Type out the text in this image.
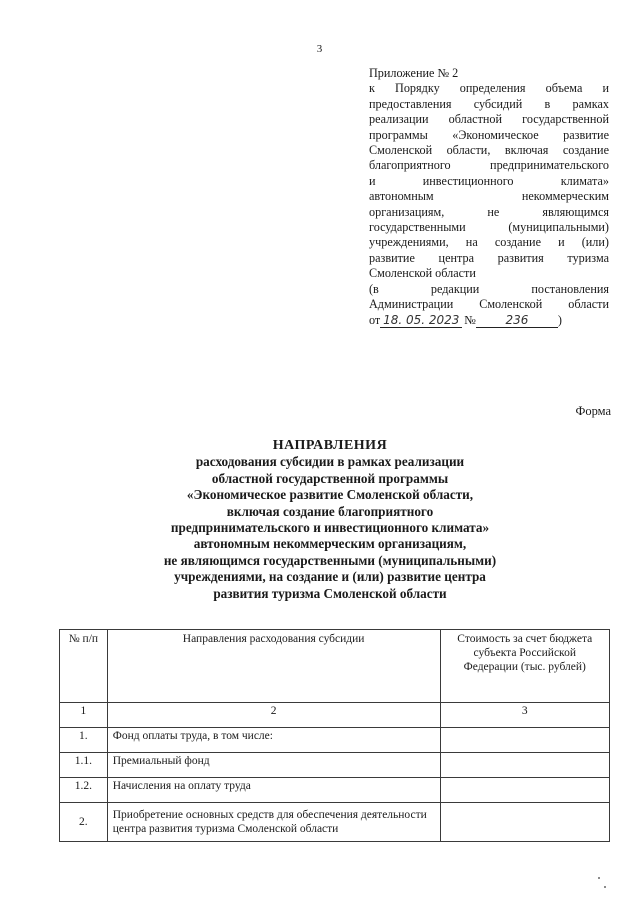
3
Приложение № 2
к Порядку определения объема и
предоставления субсидий в рамках
реализации областной государственной
программы «Экономическое развитие
Смоленской области, включая создание
благоприятного	предпринимательского
и	инвестиционного	климата»
автономным	некоммерческим
организациям,	не	являющимся
государственными	(муниципальными)
учреждениями, на создание и (или)
развитие центра развития туризма
Смоленской области
(в	редакции	постановления
Администрации Смоленской области
от 18. 05. 2023 №	236	)
Форма
НАПРАВЛЕНИЯ
расходования субсидии в рамках реализации
областной государственной программы
«Экономическое развитие Смоленской области,
включая создание благоприятного
предпринимательского и инвестиционного климата»
автономным некоммерческим организациям,
не являющимся государственными (муниципальными)
учреждениями, на создание и (или) развитие центра
развития туризма Смоленской области
№ п/п	Направления расходования субсидии	Стоимость за счет бюджета субъекта Российской Федерации (тыс. рублей)
1	2	3
1.	Фонд оплаты труда, в том числе:	
1.1.	Премиальный фонд	
1.2.	Начисления на оплату труда	
2.	Приобретение основных средств для обеспечения деятельности центра развития туризма Смоленской области	
